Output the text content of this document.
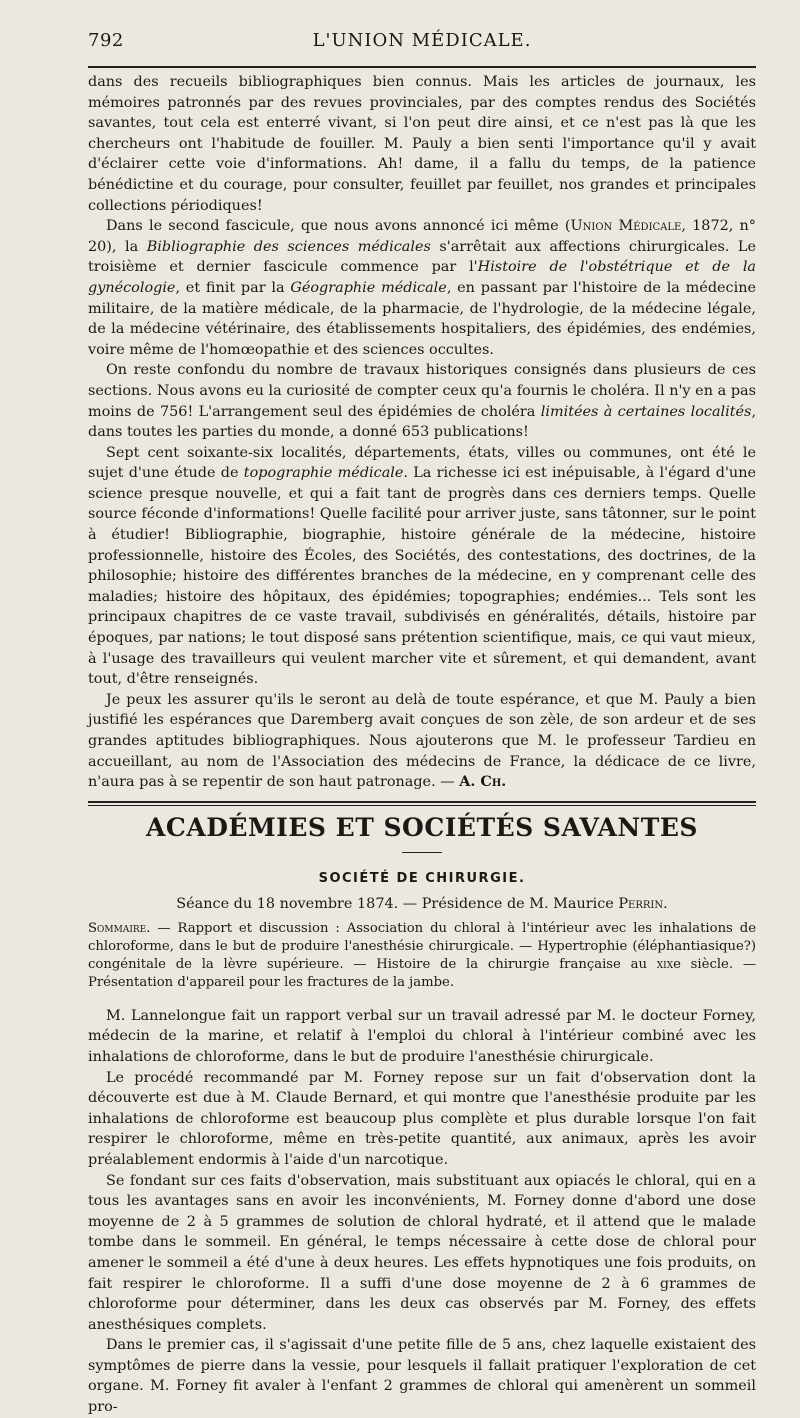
792	L'UNION MÉDICALE.

dans des recueils bibliographiques bien connus. Mais les articles de journaux, les mémoires patronnés par des revues provinciales, par des comptes rendus des Sociétés savantes, tout cela est enterré vivant, si l'on peut dire ainsi, et ce n'est pas là que les chercheurs ont l'habitude de fouiller. M. Pauly a bien senti l'importance qu'il y avait d'éclairer cette voie d'informations. Ah! dame, il a fallu du temps, de la patience bénédictine et du courage, pour consulter, feuillet par feuillet, nos grandes et principales collections périodiques!

Dans le second fascicule, que nous avons annoncé ici même (Union Médicale, 1872, n° 20), la Bibliographie des sciences médicales s'arrêtait aux affections chirurgicales. Le troisième et dernier fascicule commence par l'Histoire de l'obstétrique et de la gynécologie, et finit par la Géographie médicale, en passant par l'histoire de la médecine militaire, de la matière médicale, de la pharmacie, de l'hydrologie, de la médecine légale, de la médecine vétérinaire, des établissements hospitaliers, des épidémies, des endémies, voire même de l'homœopathie et des sciences occultes.

On reste confondu du nombre de travaux historiques consignés dans plusieurs de ces sections. Nous avons eu la curiosité de compter ceux qu'a fournis le choléra. Il n'y en a pas moins de 756! L'arrangement seul des épidémies de choléra limitées à certaines localités, dans toutes les parties du monde, a donné 653 publications!

Sept cent soixante-six localités, départements, états, villes ou communes, ont été le sujet d'une étude de topographie médicale. La richesse ici est inépuisable, à l'égard d'une science presque nouvelle, et qui a fait tant de progrès dans ces derniers temps. Quelle source féconde d'informations! Quelle facilité pour arriver juste, sans tâtonner, sur le point à étudier! Bibliographie, biographie, histoire générale de la médecine, histoire professionnelle, histoire des Écoles, des Sociétés, des contestations, des doctrines, de la philosophie; histoire des différentes branches de la médecine, en y comprenant celle des maladies; histoire des hôpitaux, des épidémies; topographies; endémies... Tels sont les principaux chapitres de ce vaste travail, subdivisés en généralités, détails, histoire par époques, par nations; le tout disposé sans prétention scientifique, mais, ce qui vaut mieux, à l'usage des travailleurs qui veulent marcher vite et sûrement, et qui demandent, avant tout, d'être renseignés.

Je peux les assurer qu'ils le seront au delà de toute espérance, et que M. Pauly a bien justifié les espérances que Daremberg avait conçues de son zèle, de son ardeur et de ses grandes aptitudes bibliographiques. Nous ajouterons que M. le professeur Tardieu en accueillant, au nom de l'Association des médecins de France, la dédicace de ce livre, n'aura pas à se repentir de son haut patronage. — A. Ch.

ACADÉMIES ET SOCIÉTÉS SAVANTES
SOCIÉTÉ DE CHIRURGIE.
Séance du 18 novembre 1874. — Présidence de M. Maurice Perrin.

Sommaire. — Rapport et discussion : Association du chloral à l'intérieur avec les inhalations de chloroforme, dans le but de produire l'anesthésie chirurgicale. — Hypertrophie (éléphantiasique?) congénitale de la lèvre supérieure. — Histoire de la chirurgie française au xixe siècle. — Présentation d'appareil pour les fractures de la jambe.

M. Lannelongue fait un rapport verbal sur un travail adressé par M. le docteur Forney, médecin de la marine, et relatif à l'emploi du chloral à l'intérieur combiné avec les inhalations de chloroforme, dans le but de produire l'anesthésie chirurgicale.

Le procédé recommandé par M. Forney repose sur un fait d'observation dont la découverte est due à M. Claude Bernard, et qui montre que l'anesthésie produite par les inhalations de chloroforme est beaucoup plus complète et plus durable lorsque l'on fait respirer le chloroforme, même en très-petite quantité, aux animaux, après les avoir préalablement endormis à l'aide d'un narcotique.

Se fondant sur ces faits d'observation, mais substituant aux opiacés le chloral, qui en a tous les avantages sans en avoir les inconvénients, M. Forney donne d'abord une dose moyenne de 2 à 5 grammes de solution de chloral hydraté, et il attend que le malade tombe dans le sommeil. En général, le temps nécessaire à cette dose de chloral pour amener le sommeil a été d'une à deux heures. Les effets hypnotiques une fois produits, on fait respirer le chloroforme. Il a suffi d'une dose moyenne de 2 à 6 grammes de chloroforme pour déterminer, dans les deux cas observés par M. Forney, des effets anesthésiques complets.

Dans le premier cas, il s'agissait d'une petite fille de 5 ans, chez laquelle existaient des symptômes de pierre dans la vessie, pour lesquels il fallait pratiquer l'exploration de cet organe. M. Forney fit avaler à l'enfant 2 grammes de chloral qui amenèrent un sommeil pro-
